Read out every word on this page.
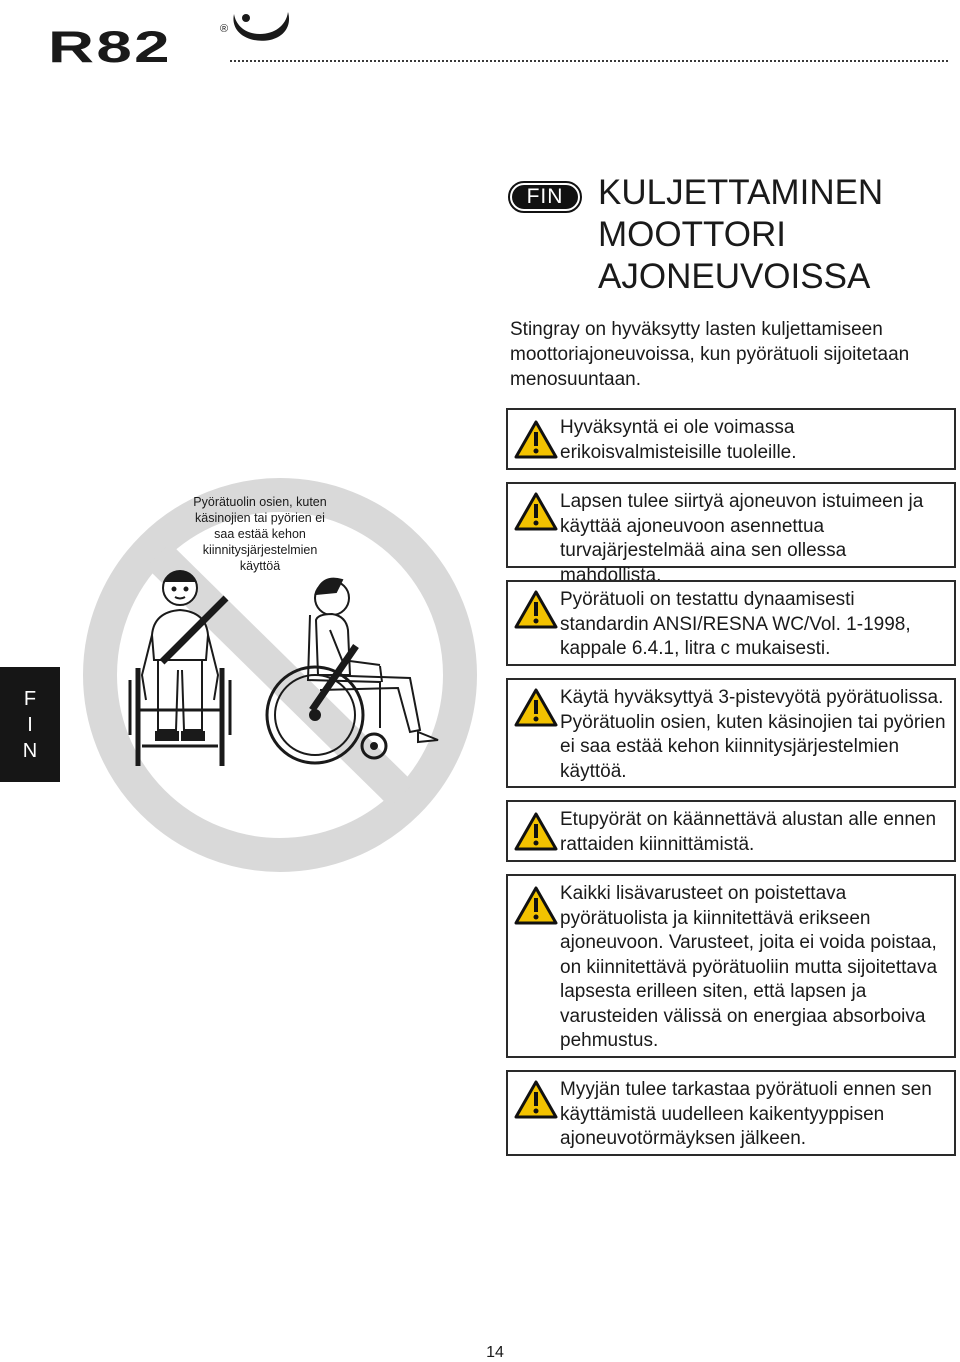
R82	®
FIN KULJETTAMINEN
MOOTTORI
AJONEUVOISSA

Stingray on hyväksytty lasten kuljettamiseen moottoriajoneuvoissa, kun pyörätuoli sijoitetaan menosuuntaan.

Hyväksyntä ei ole voimassa erikoisvalmisteisille tuoleille.

Lapsen tulee siirtyä ajoneuvon istuimeen ja käyttää ajoneuvoon asennettua turvajärjestelmää aina sen ollessa mahdollista.

Pyörätuoli on testattu dynaamisesti standardin ANSI/RESNA WC/Vol. 1-1998, kappale 6.4.1, litra c mukaisesti.

Käytä hyväksyttyä 3-pistevyötä pyörätuolissa. Pyörätuolin osien, kuten käsinojien tai pyörien ei saa estää kehon kiinnitysjärjestelmien käyttöä.

Etupyörät on käännettävä alustan alle ennen rattaiden kiinnittämistä.

Kaikki lisävarusteet on poistettava pyörätuolista ja kiinnitettävä erikseen ajoneuvoon. Varusteet, joita ei voida poistaa, on kiinnitettävä pyörätuoliin mutta sijoitettava lapsesta erilleen siten, että lapsen ja varusteiden välissä on energiaa absorboiva pehmustus.

Myyjän tulee tarkastaa pyörätuoli ennen sen käyttämistä uudelleen kaikentyyppisen ajoneuvotörmäyksen jälkeen.

F
I
N
Pyörätuolin osien, kuten käsinojien tai pyörien ei saa estää kehon kiinnitysjärjestelmien käyttöä
14
